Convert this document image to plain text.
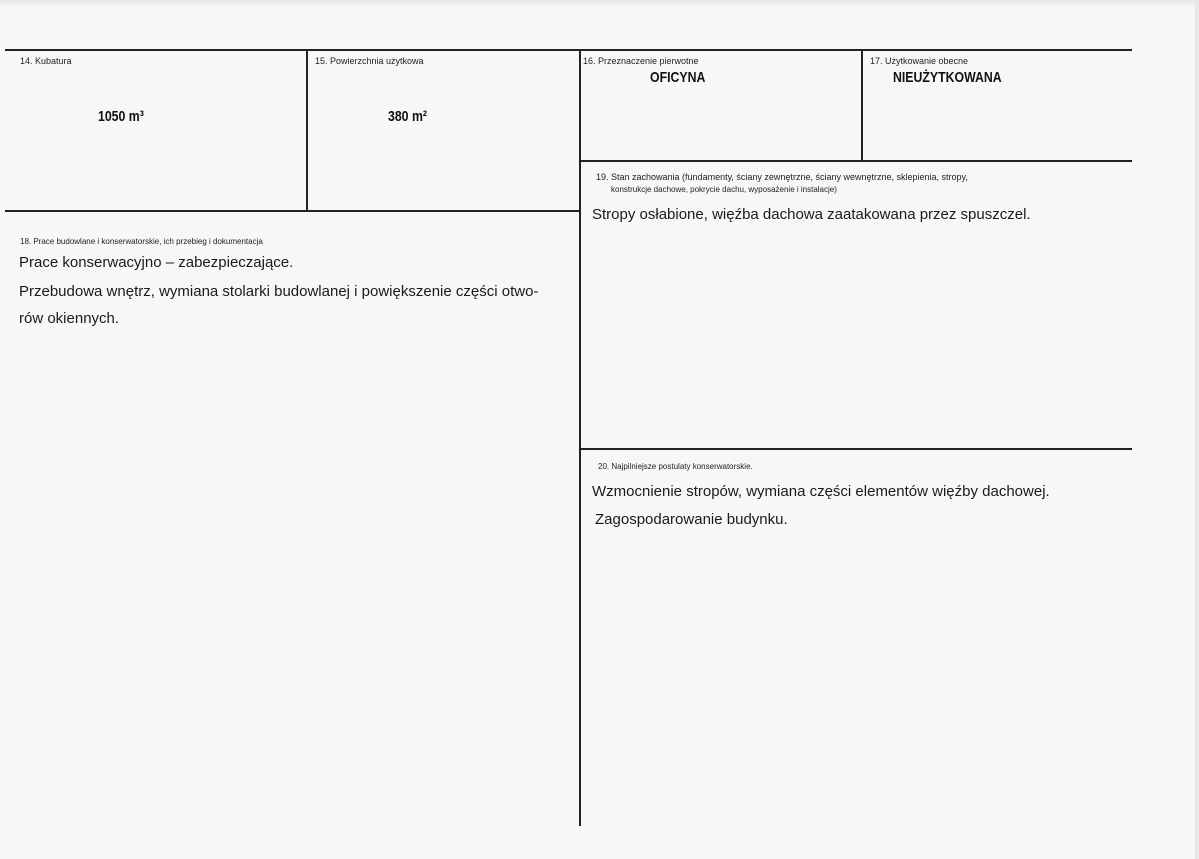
14. Kubatura
1050 m³
15. Powierzchnia użytkowa
380 m²
16. Przeznaczenie pierwotne
OFICYNA
17. Użytkowanie obecne
NIEUŻYTKOWANA
19. Stan zachowania (fundamenty, ściany zewnętrzne, ściany wewnętrzne, sklepienia, stropy,
konstrukcje dachowe, pokrycie dachu, wyposażenie i instalacje)
Stropy osłabione, więźba dachowa zaatakowana przez spuszczel.
18. Prace budowlane i konserwatorskie, ich przebieg i dokumentacja
Prace konserwacyjno – zabezpieczające.
Przebudowa wnętrz, wymiana stolarki budowlanej i powiększenie części otwo-
rów okiennych.
20. Najpilniejsze postulaty konserwatorskie.
Wzmocnienie stropów, wymiana części elementów więźby dachowej.
Zagospodarowanie budynku.
